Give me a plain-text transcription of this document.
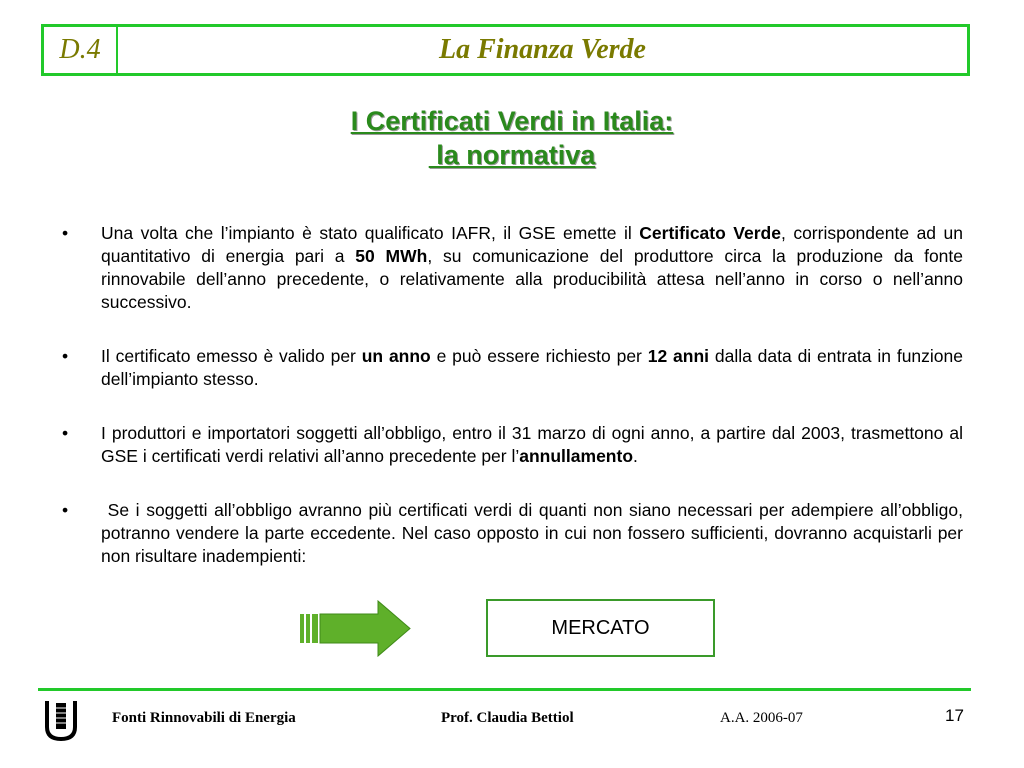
D.4	La Finanza Verde
I Certificati Verdi in Italia:
la normativa
• Una volta che l’impianto è stato qualificato IAFR, il GSE emette il Certificato Verde, corrispondente ad un quantitativo di energia pari a 50 MWh, su comunicazione del produttore circa la produzione da fonte rinnovabile dell’anno precedente, o relativamente alla producibilità attesa nell’anno in corso o nell’anno successivo.
• Il certificato emesso è valido per un anno e può essere richiesto per 12 anni dalla data di entrata in funzione dell’impianto stesso.
• I produttori e importatori soggetti all’obbligo, entro il 31 marzo di ogni anno, a partire dal 2003, trasmettono al GSE i certificati verdi relativi all’anno precedente per l’annullamento.
• Se i soggetti all’obbligo avranno più certificati verdi di quanti non siano necessari per adempiere all’obbligo, potranno vendere la parte eccedente. Nel caso opposto in cui non fossero sufficienti, dovranno acquistarli per non risultare inadempienti:
MERCATO
Fonti Rinnovabili di Energia	Prof. Claudia Bettiol	A.A. 2006-07	17
